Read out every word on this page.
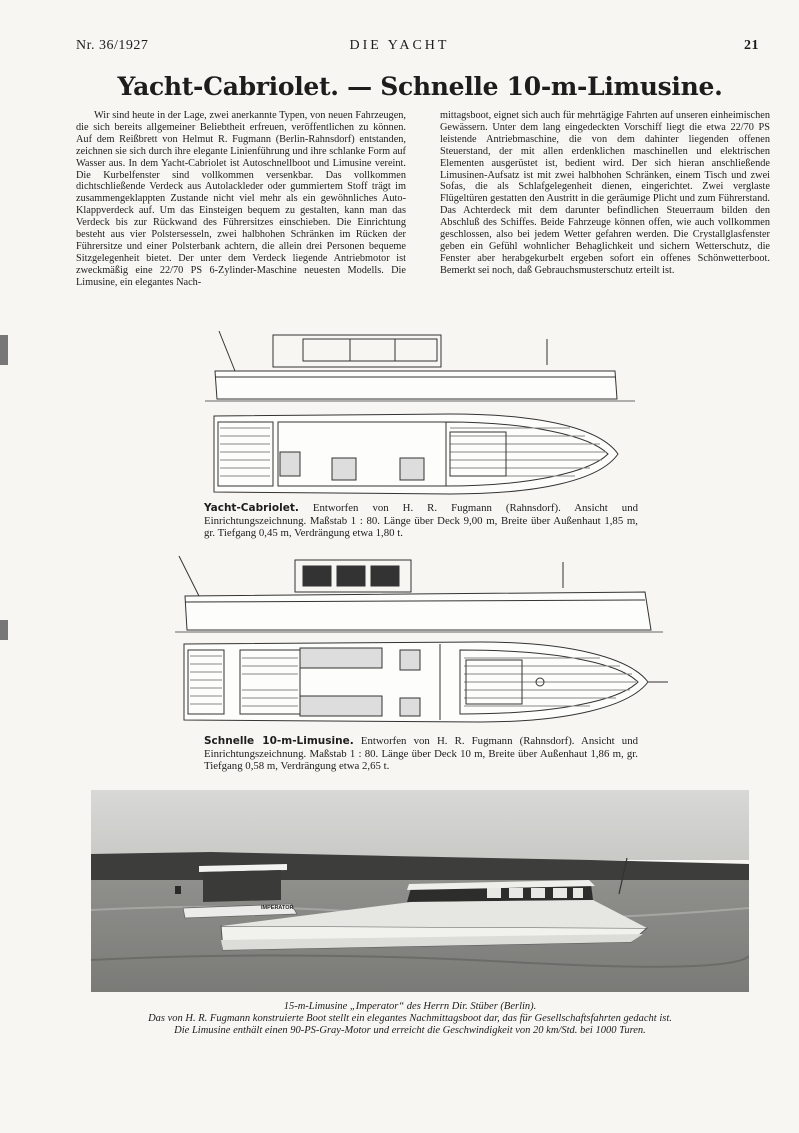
Nr. 36/1927	DIE YACHT	21
Yacht-Cabriolet. — Schnelle 10-m-Limusine.
Wir sind heute in der Lage, zwei anerkannte Typen, von neuen Fahrzeugen, die sich bereits allgemeiner Beliebtheit erfreuen, veröffentlichen zu können. Auf dem Reißbrett von Helmut R. Fugmann (Berlin-Rahnsdorf) entstanden, zeichnen sie sich durch ihre elegante Linienführung und ihre schlanke Form auf Wasser aus. In dem Yacht-Cabriolet ist Autoschnellboot und Limusine vereint. Die Kurbelfenster sind vollkommen versenkbar. Das vollkommen dichtschließende Verdeck aus Autolackleder oder gummiertem Stoff trägt im zusammengeklappten Zustande nicht viel mehr als ein gewöhnliches Auto-Klappverdeck auf. Um das Einsteigen bequem zu gestalten, kann man das Verdeck bis zur Rückwand des Führersitzes einschieben. Die Einrichtung besteht aus vier Polstersesseln, zwei halbhohen Schränken im Rücken der Führersitze und einer Polsterbank achtern, die allein drei Personen bequeme Sitzgelegenheit bietet. Der unter dem Verdeck liegende Antriebmotor ist zweckmäßig eine 22/70 PS 6-Zylinder-Maschine neuesten Modells. Die Limusine, ein elegantes Nach-
mittagsboot, eignet sich auch für mehrtägige Fahrten auf unseren einheimischen Gewässern. Unter dem lang eingedeckten Vorschiff liegt die etwa 22/70 PS leistende Antriebmaschine, die von dem dahinter liegenden offenen Steuerstand, der mit allen erdenklichen maschinellen und elektrischen Elementen ausgerüstet ist, bedient wird. Der sich hieran anschließende Limusinen-Aufsatz ist mit zwei halbhohen Schränken, einem Tisch und zwei Sofas, die als Schlafgelegenheit dienen, eingerichtet. Zwei verglaste Flügeltüren gestatten den Austritt in die geräumige Plicht und zum Führerstand. Das Achterdeck mit dem darunter befindlichen Steuerraum bilden den Abschluß des Schiffes. Beide Fahrzeuge können offen, wie auch vollkommen geschlossen, also bei jedem Wetter gefahren werden. Die Crystallglasfenster geben ein Gefühl wohnlicher Behaglichkeit und sichern Wetterschutz, die Fenster aber herabgekurbelt ergeben sofort ein offenes Schönwetterboot. Bemerkt sei noch, daß Gebrauchsmusterschutz erteilt ist.
Yacht-Cabriolet. Entworfen von H. R. Fugmann (Rahnsdorf). Ansicht und Einrichtungszeichnung. Maßstab 1 : 80. Länge über Deck 9,00 m, Breite über Außenhaut 1,85 m, gr. Tiefgang 0,45 m, Verdrängung etwa 1,80 t.
Schnelle 10-m-Limusine. Entworfen von H. R. Fugmann (Rahnsdorf). Ansicht und Einrichtungszeichnung. Maßstab 1 : 80. Länge über Deck 10 m, Breite über Außenhaut 1,86 m, gr. Tiefgang 0,58 m, Verdrängung etwa 2,65 t.
IMPERATOR
15-m-Limusine „Imperator“ des Herrn Dir. Stüber (Berlin).
Das von H. R. Fugmann konstruierte Boot stellt ein elegantes Nachmittagsboot dar, das für Gesellschaftsfahrten gedacht ist.
Die Limusine enthält einen 90-PS-Gray-Motor und erreicht die Geschwindigkeit von 20 km/Std. bei 1000 Turen.
